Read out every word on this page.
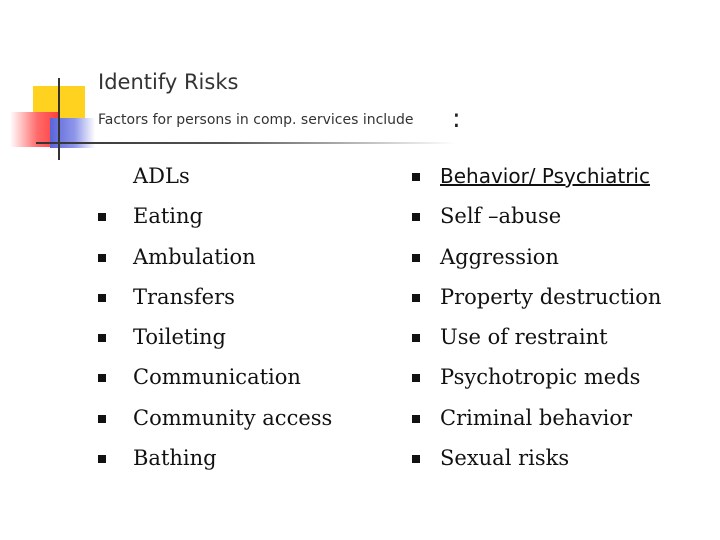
Identify Risks
Factors for persons in comp. services include :
ADLs
Eating
Ambulation
Transfers
Toileting
Communication
Community access
Bathing
Behavior/ Psychiatric
Self –abuse
Aggression
Property destruction
Use of restraint
Psychotropic meds
Criminal behavior
Sexual risks
